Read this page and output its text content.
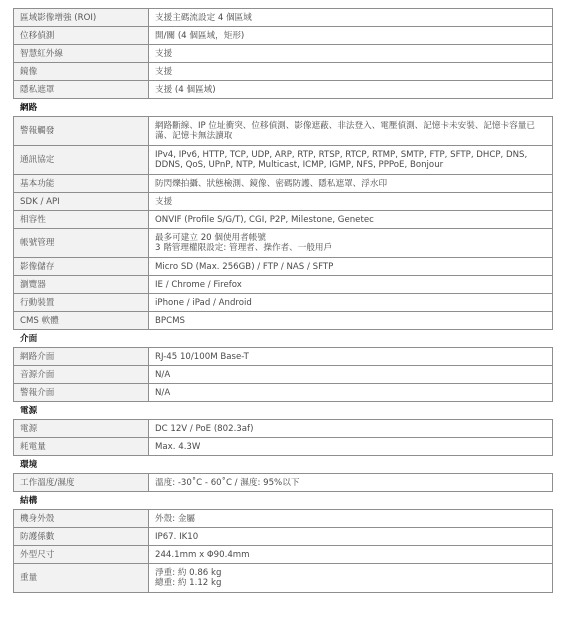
區域影像增強 (ROI)	支援主碼流設定 4 個區域
位移偵測	開/關 (4 個區域，矩形)
智慧紅外線	支援
鏡像	支援
隱私遮罩	支援 (4 個區域)
網路	
警報觸發	網路斷線、IP 位址衝突、位移偵測、影像遮蔽、非法登入、電壓偵測、記憶卡未安裝、記憶卡容量已滿、記憶卡無法讀取
通訊協定	IPv4, IPv6, HTTP, TCP, UDP, ARP, RTP, RTSP, RTCP, RTMP, SMTP, FTP, SFTP, DHCP, DNS, DDNS, QoS, UPnP, NTP, Multicast, ICMP, IGMP, NFS, PPPoE, Bonjour
基本功能	防閃爍拍攝、狀態檢測、鏡像、密碼防護、隱私遮罩、浮水印
SDK / API	支援
相容性	ONVIF (Profile S/G/T), CGI, P2P, Milestone, Genetec
帳號管理	最多可建立 20 個使用者帳號
3 階管理權限設定: 管理者、操作者、一般用戶
影像儲存	Micro SD (Max. 256GB) / FTP / NAS / SFTP
瀏覽器	IE / Chrome / Firefox
行動裝置	iPhone / iPad / Android
CMS 軟體	BPCMS
介面	
網路介面	RJ-45 10/100M Base-T
音源介面	N/A
警報介面	N/A
電源	
電源	DC 12V / PoE (802.3af)
耗電量	Max. 4.3W
環境	
工作溫度/濕度	溫度: -30˚C - 60˚C / 濕度: 95%以下
結構	
機身外殼	外殼: 金屬
防護係數	IP67. IK10
外型尺寸	244.1mm x Φ90.4mm
重量	淨重: 約 0.86 kg
總重: 約 1.12 kg
